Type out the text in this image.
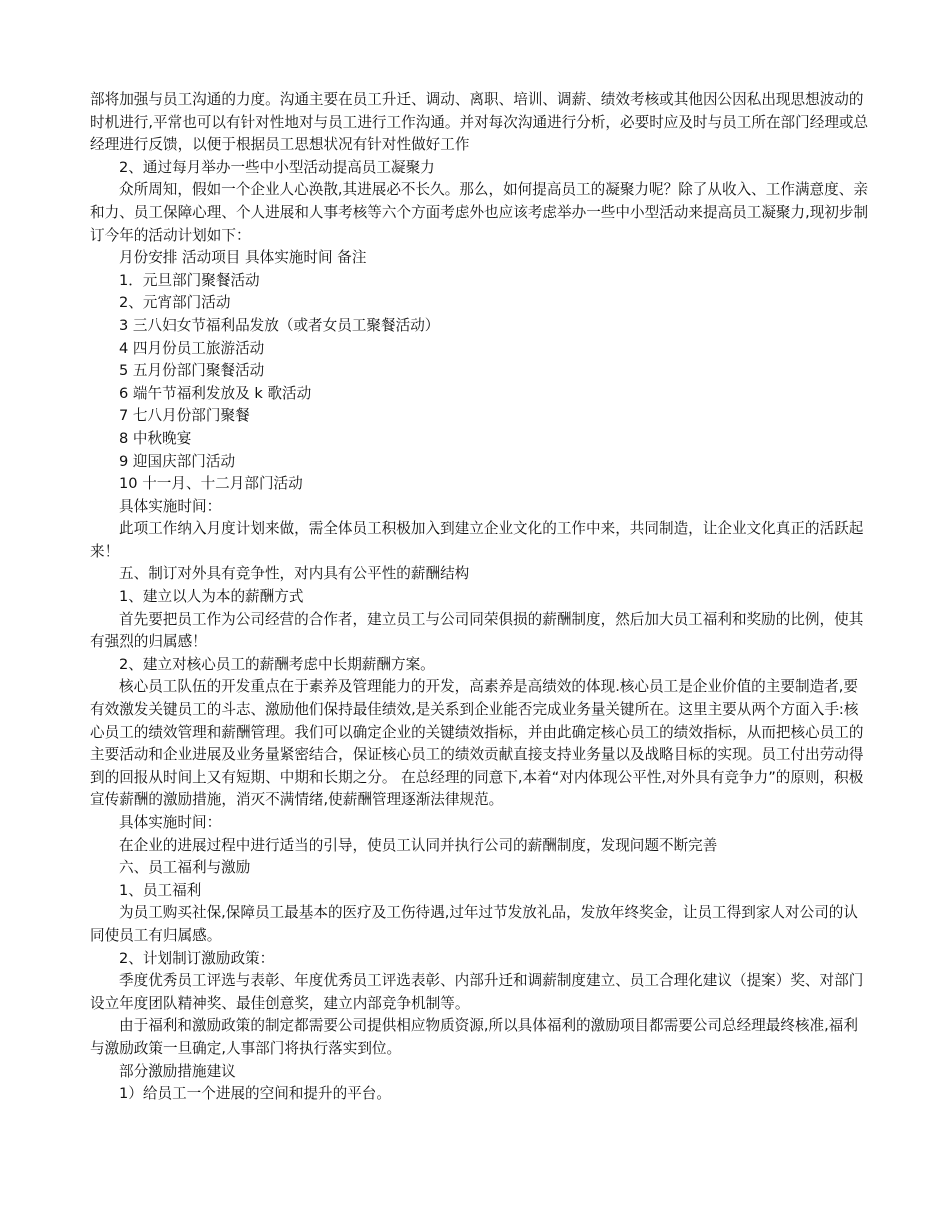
部将加强与员工沟通的力度。沟通主要在员工升迁、调动、离职、培训、调薪、绩效考核或其他因公因私出现思想波动的时机进行,平常也可以有针对性地对与员工进行工作沟通。并对每次沟通进行分析，必要时应及时与员工所在部门经理或总经理进行反馈，以便于根据员工思想状况有针对性做好工作

2、通过每月举办一些中小型活动提高员工凝聚力

众所周知，假如一个企业人心涣散,其进展必不长久。那么，如何提高员工的凝聚力呢？除了从收入、工作满意度、亲和力、员工保障心理、个人进展和人事考核等六个方面考虑外也应该考虑举办一些中小型活动来提高员工凝聚力,现初步制订今年的活动计划如下：

月份安排 活动项目 具体实施时间 备注

1．元旦部门聚餐活动

2、元宵部门活动

3 三八妇女节福利品发放（或者女员工聚餐活动）

4 四月份员工旅游活动

5 五月份部门聚餐活动

6 端午节福利发放及 k 歌活动

7 七八月份部门聚餐

8 中秋晚宴

9 迎国庆部门活动

10 十一月、十二月部门活动

具体实施时间：

此项工作纳入月度计划来做，需全体员工积极加入到建立企业文化的工作中来，共同制造，让企业文化真正的活跃起来！

五、制订对外具有竞争性，对内具有公平性的薪酬结构

1、建立以人为本的薪酬方式

首先要把员工作为公司经营的合作者，建立员工与公司同荣俱损的薪酬制度，然后加大员工福利和奖励的比例，使其有强烈的归属感！

2、建立对核心员工的薪酬考虑中长期薪酬方案。

核心员工队伍的开发重点在于素养及管理能力的开发，高素养是高绩效的体现.核心员工是企业价值的主要制造者,要有效激发关键员工的斗志、激励他们保持最佳绩效,是关系到企业能否完成业务量关键所在。这里主要从两个方面入手:核心员工的绩效管理和薪酬管理。我们可以确定企业的关键绩效指标，并由此确定核心员工的绩效指标，从而把核心员工的主要活动和企业进展及业务量紧密结合，保证核心员工的绩效贡献直接支持业务量以及战略目标的实现。员工付出劳动得到的回报从时间上又有短期、中期和长期之分。 在总经理的同意下,本着“对内体现公平性,对外具有竞争力”的原则，积极宣传薪酬的激励措施，消灭不满情绪,使薪酬管理逐渐法律规范。

具体实施时间：

在企业的进展过程中进行适当的引导，使员工认同并执行公司的薪酬制度，发现问题不断完善

六、员工福利与激励

1、员工福利

为员工购买社保,保障员工最基本的医疗及工伤待遇,过年过节发放礼品，发放年终奖金，让员工得到家人对公司的认同使员工有归属感。

2、计划制订激励政策：

季度优秀员工评选与表彰、年度优秀员工评选表彰、内部升迁和调薪制度建立、员工合理化建议（提案）奖、对部门设立年度团队精神奖、最佳创意奖，建立内部竞争机制等。

由于福利和激励政策的制定都需要公司提供相应物质资源,所以具体福利的激励项目都需要公司总经理最终核准,福利与激励政策一旦确定,人事部门将执行落实到位。

部分激励措施建议

1）给员工一个进展的空间和提升的平台。
